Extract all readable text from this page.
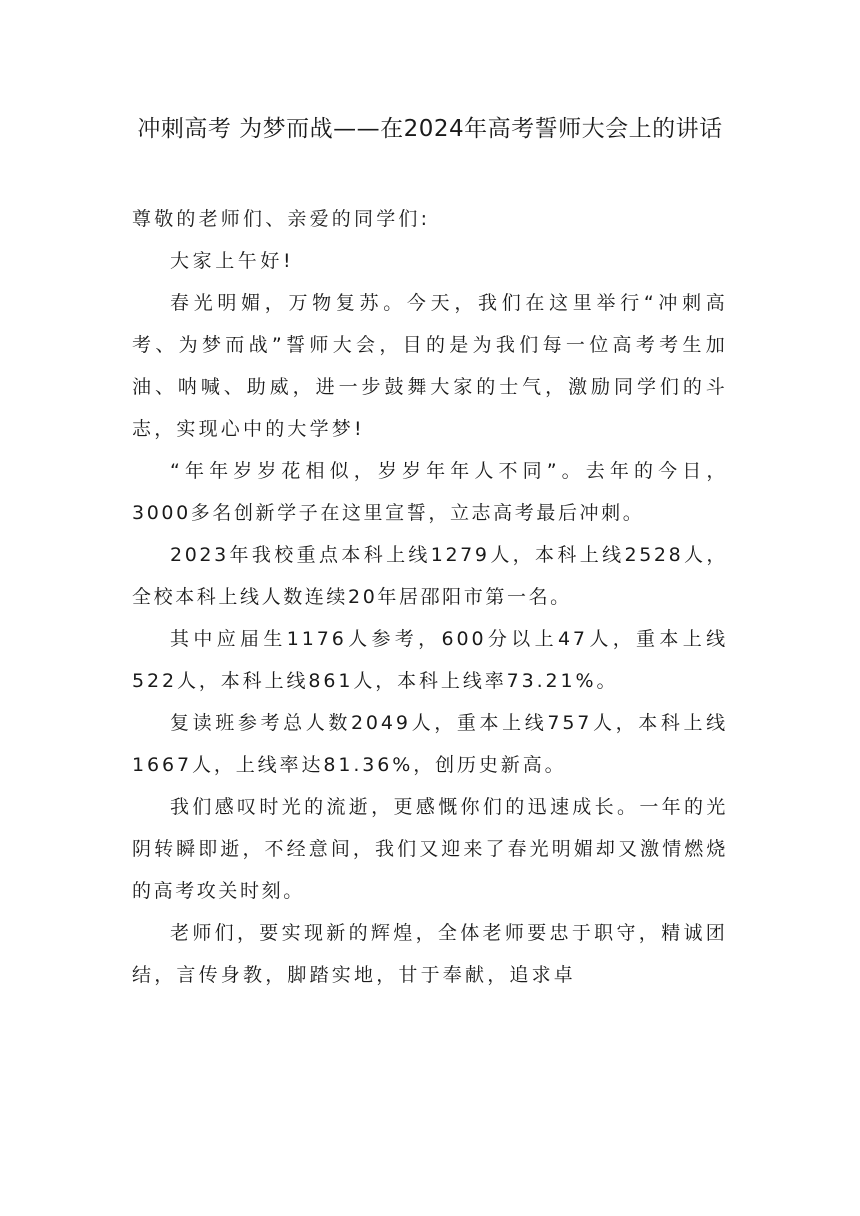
冲刺高考 为梦而战——在2024年高考誓师大会上的讲话

尊敬的老师们、亲爱的同学们:

大家上午好!

春光明媚，万物复苏。今天，我们在这里举行“冲刺高考、为梦而战”誓师大会，目的是为我们每一位高考考生加油、呐喊、助威，进一步鼓舞大家的士气，激励同学们的斗志，实现心中的大学梦!

“年年岁岁花相似，岁岁年年人不同”。去年的今日，3000多名创新学子在这里宣誓，立志高考最后冲刺。

2023年我校重点本科上线1279人，本科上线2528人，全校本科上线人数连续20年居邵阳市第一名。

其中应届生1176人参考，600分以上47人，重本上线522人，本科上线861人，本科上线率73.21%。

复读班参考总人数2049人，重本上线757人，本科上线1667人，上线率达81.36%，创历史新高。

我们感叹时光的流逝，更感慨你们的迅速成长。一年的光阴转瞬即逝，不经意间，我们又迎来了春光明媚却又激情燃烧的高考攻关时刻。

老师们，要实现新的辉煌，全体老师要忠于职守，精诚团结，言传身教，脚踏实地，甘于奉献，追求卓
